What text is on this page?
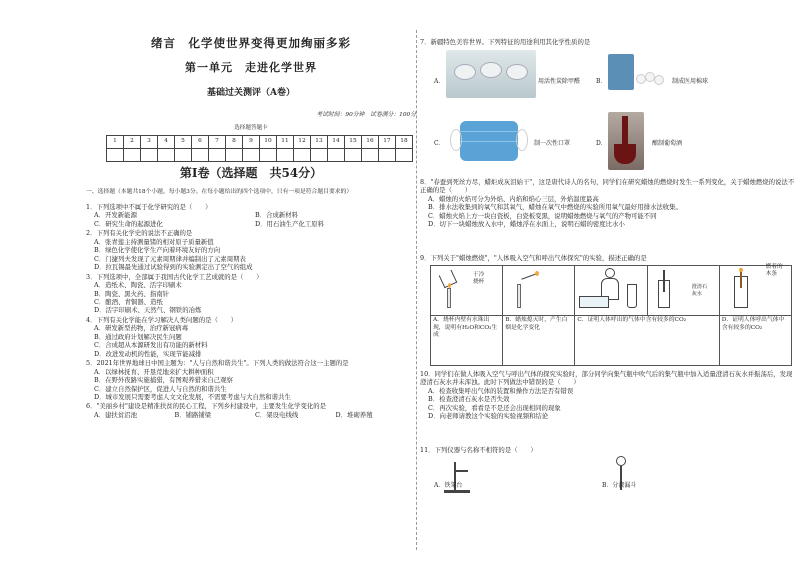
绪言　化学使世界变得更加绚丽多彩
第一单元　走进化学世界
基础过关测评（A卷）
考试时间：90分钟　试卷满分：100分
选择题答题卡
1	2	3	4	5	6	7	8	9	10	11	12	13	14	15	16	17	18

第Ⅰ卷（选择题　共54分）
一、选择题（本题共18个小题，每小题3分。在每小题给出的四个选项中，只有一项是符合题目要求的）
1．下列选项中不属于化学研究的是（　　）
A．开发新能源	B．合成新材料
C．研究生命的起源进化	D．用石油生产化工原料
2．下列有关化学史的说法不正确的是
A．张青莲主持测量锗的相对原子质量新值
B．绿色化学使化学生产向着环境友好的方向
C．门捷列夫发现了元素周期律并编制出了元素周期表
D．拉瓦锡最先通过试验得到的实验测定出了空气的组成
3．下列选项中，全部属于我国古代化学工艺成就的是（　　）
A．造纸术、陶瓷、活字印刷术
B．陶瓷、黑火药、指南针
C．酿酒、青铜器、造纸
D．活字印刷术、天然气、钢铁的冶炼
4．下列有关化学能在学习解决人类问题的是（　　）
A．研发新型药物，治疗新冠病毒
B．通过政府计划解决民生问题
C．合成超从本源研发出有功能的新材料
D．改进发动机的性能，实现节能减排
5．2021年世界地球日中国主题为："人与自然和谐共生"。下列人类的做法符合这一主题的是
A．以绿林抚育、开垦荒地来扩大耕种面积
B．在野外夜路实施捕猎，有图观养猎来自己观察
C．建立自然保护区，促进人与自然的和谐共生
D．城市发展只需要考虑人文文化发展，不需要考虑与大自然和谐共生
6．"美丽乡村"建设是精准扶贫的民心工程，下列乡村建设中，主要发生化学变化的是
A．建扶贫沼池	B．铺路铺梁	C．架设电线线	D．堆砌养殖
7．新疆特色美容世界。下列特征的用途利用其化学性质的是
A．	用活性炭除甲醛	B．	制成医用棉球
C．	制一次性口罩	D．	酿制葡萄酒
8．"春蚕到死丝方尽，蜡炬成灰泪始干"，这是唐代诗人的名句，同学们在研究蜡烛的燃烧时发生一系列变化，关于蜡烛燃烧的说法不正确的是（　　）
A．蜡烛的火焰可分为外焰、内焰和焰心三层，外焰温度最高
B．排水法收集到的氧气和其氧气，蜡烛在氧气中燃烧的实验所用氧气最好用排水法收集。
C．蜡烛火焰上方一块白瓷板，白瓷板变黑，说明蜡烛燃烧与氧气的产物可能不同
D．切下一块蜡烛放入水中，蜡烛浮在水面上，说明石蜡的密度比水小
9．下列关于"蜡烛燃烧"，"人体吸入空气和呼出气体探究"的实验，描述正确的是
干冷烧杯			澄清石灰水	燃着的木条

A．烧杯内壁有水珠出现，说明有H₂O和CO₂生成	B．蜡烛熄灭时，产生白烟是化学变化	C．证明人体呼出的气体中含有较多的CO₂		D．证明人体呼出气体中含有较多的CO₂
10．同学们在做人体吸入空气与呼出气体的探究实验时，部分同学向集气瓶中吹气后的集气瓶中加入适量澄清石灰水并振荡后，发现澄清石灰水并未浑浊。此时下列做法中错误的是（　　）
A．检查收集呼出气体的装置和操作方法是否有错误
B．检查澄清石灰水是否失效
C．再次实验，看看是不是还会出现相同的现象
D．向老师请教这个实验的实验视频和结论
11．下列仪器与名称不相符的是（　　）
A．铁架台	B．分液漏斗
